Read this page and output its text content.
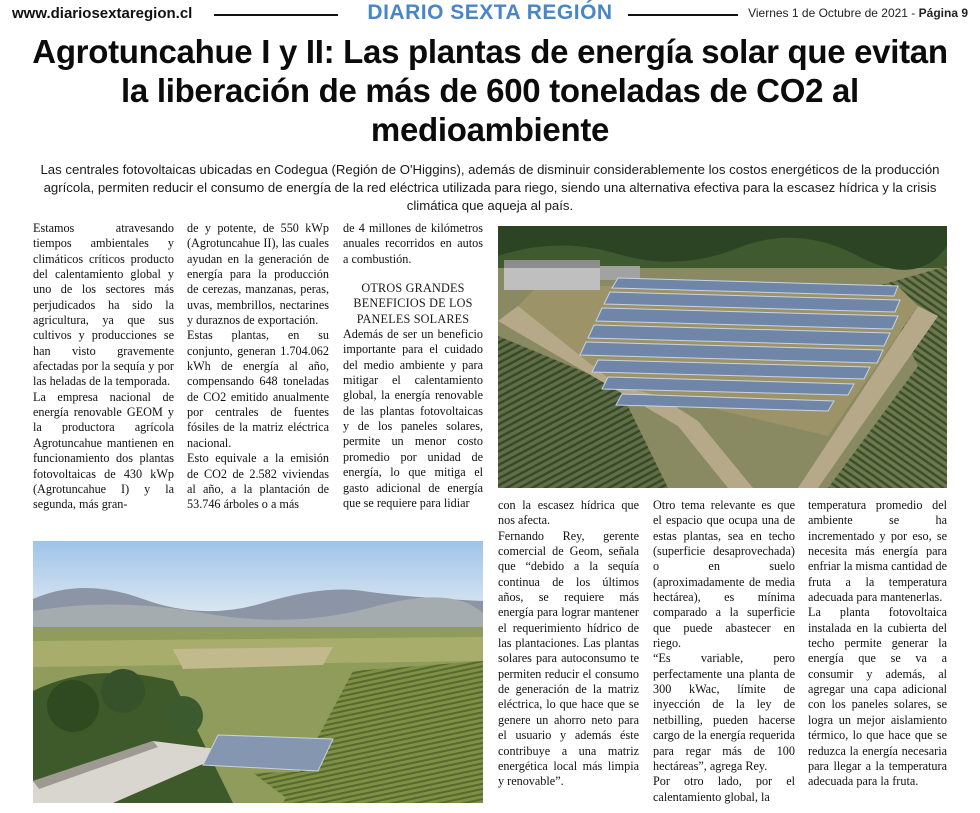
www.diariosextaregion.cl	DIARIO SEXTA REGIÓN	Viernes 1 de Octubre de 2021 - Página 9
Agrotuncahue I y II: Las plantas de energía solar que evitan la liberación de más de 600 toneladas de CO2 al medioambiente

Las centrales fotovoltaicas ubicadas en Codegua (Región de O'Higgins), además de disminuir considerablemente los costos energéticos de la producción agrícola, permiten reducir el consumo de energía de la red eléctrica utilizada para riego, siendo una alternativa efectiva para la escasez hídrica y la crisis climática que aqueja al país.

Estamos atravesando tiempos ambientales y climáticos críticos producto del calentamiento global y uno de los sectores más perjudicados ha sido la agricultura, ya que sus cultivos y producciones se han visto gravemente afectadas por la sequía y por las heladas de la temporada.

La empresa nacional de energía renovable GEOM y la productora agrícola Agrotuncahue mantienen en funcionamiento dos plantas fotovoltaicas de 430 kWp (Agrotuncahue I) y la segunda, más gran-

de y potente, de 550 kWp (Agrotuncahue II), las cuales ayudan en la generación de energía para la producción de cerezas, manzanas, peras, uvas, membrillos, nectarines y duraznos de exportación.

Estas plantas, en su conjunto, generan 1.704.062 kWh de energía al año, compensando 648 toneladas de CO2 emitido anualmente por centrales de fuentes fósiles de la matriz eléctrica nacional.

Esto equivale a la emisión de CO2 de 2.582 viviendas al año, a la plantación de 53.746 árboles o a más

de 4 millones de kilómetros anuales recorridos en autos a combustión.

OTROS GRANDES BENEFICIOS DE LOS PANELES SOLARES

Además de ser un beneficio importante para el cuidado del medio ambiente y para mitigar el calentamiento global, la energía renovable de las plantas fotovoltaicas y de los paneles solares, permite un menor costo promedio por unidad de energía, lo que mitiga el gasto adicional de energía que se requiere para lidiar	con la escasez hídrica que nos afecta.

Fernando Rey, gerente comercial de Geom, señala que “debido a la sequía continua de los últimos años, se requiere más energía para lograr mantener el requerimiento hídrico de las plantaciones. Las plantas solares para autoconsumo te permiten reducir el consumo de generación de la matriz eléctrica, lo que hace que se genere un ahorro neto para el usuario y además éste contribuye a una matriz energética local más limpia y renovable”.

Otro tema relevante es que el espacio que ocupa una de estas plantas, sea en techo (superficie desaprovechada) o en suelo (aproximadamente de media hectárea), es mínima comparado a la superficie que puede abastecer en riego.

“Es variable, pero perfectamente una planta de 300 kWac, límite de inyección de la ley de netbilling, pueden hacerse cargo de la energía requerida para regar más de 100 hectáreas”, agrega Rey.

Por otro lado, por el calentamiento global, la

temperatura promedio del ambiente se ha incrementado y por eso, se necesita más energía para enfriar la misma cantidad de fruta a la temperatura adecuada para mantenerlas.

La planta fotovoltaica instalada en la cubierta del techo permite generar la energía que se va a consumir y además, al agregar una capa adicional con los paneles solares, se logra un mejor aislamiento térmico, lo que hace que se reduzca la energía necesaria para llegar a la temperatura adecuada para la fruta.
